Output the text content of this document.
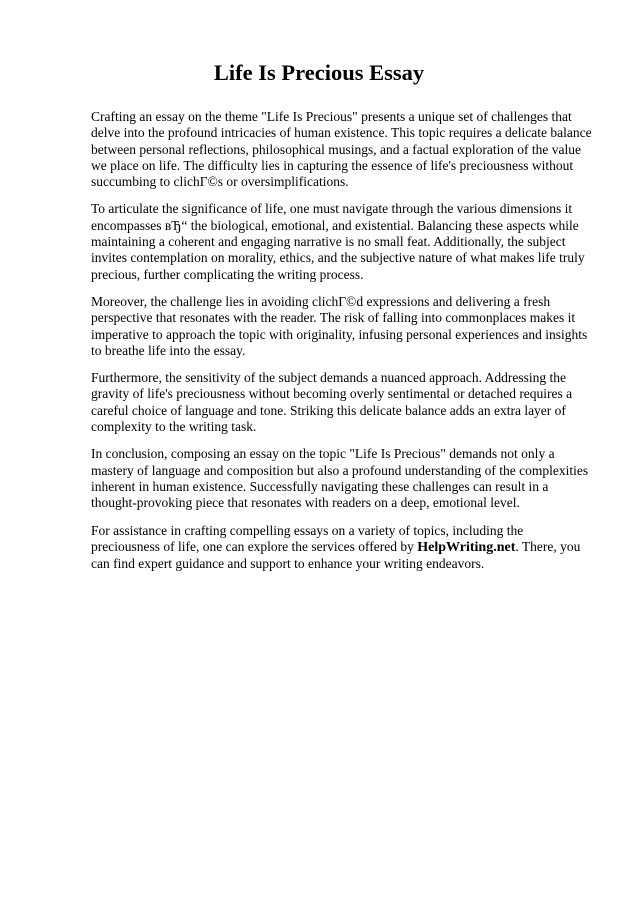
Life Is Precious Essay

Crafting an essay on the theme "Life Is Precious" presents a unique set of challenges that delve into the profound intricacies of human existence. This topic requires a delicate balance between personal reflections, philosophical musings, and a factual exploration of the value we place on life. The difficulty lies in capturing the essence of life's preciousness without succumbing to clichГ©s or oversimplifications.

To articulate the significance of life, one must navigate through the various dimensions it encompasses вЂ“ the biological, emotional, and existential. Balancing these aspects while maintaining a coherent and engaging narrative is no small feat. Additionally, the subject invites contemplation on morality, ethics, and the subjective nature of what makes life truly precious, further complicating the writing process.

Moreover, the challenge lies in avoiding clichГ©d expressions and delivering a fresh perspective that resonates with the reader. The risk of falling into commonplaces makes it imperative to approach the topic with originality, infusing personal experiences and insights to breathe life into the essay.

Furthermore, the sensitivity of the subject demands a nuanced approach. Addressing the gravity of life's preciousness without becoming overly sentimental or detached requires a careful choice of language and tone. Striking this delicate balance adds an extra layer of complexity to the writing task.

In conclusion, composing an essay on the topic "Life Is Precious" demands not only a mastery of language and composition but also a profound understanding of the complexities inherent in human existence. Successfully navigating these challenges can result in a thought-provoking piece that resonates with readers on a deep, emotional level.

For assistance in crafting compelling essays on a variety of topics, including the preciousness of life, one can explore the services offered by HelpWriting.net. There, you can find expert guidance and support to enhance your writing endeavors.
